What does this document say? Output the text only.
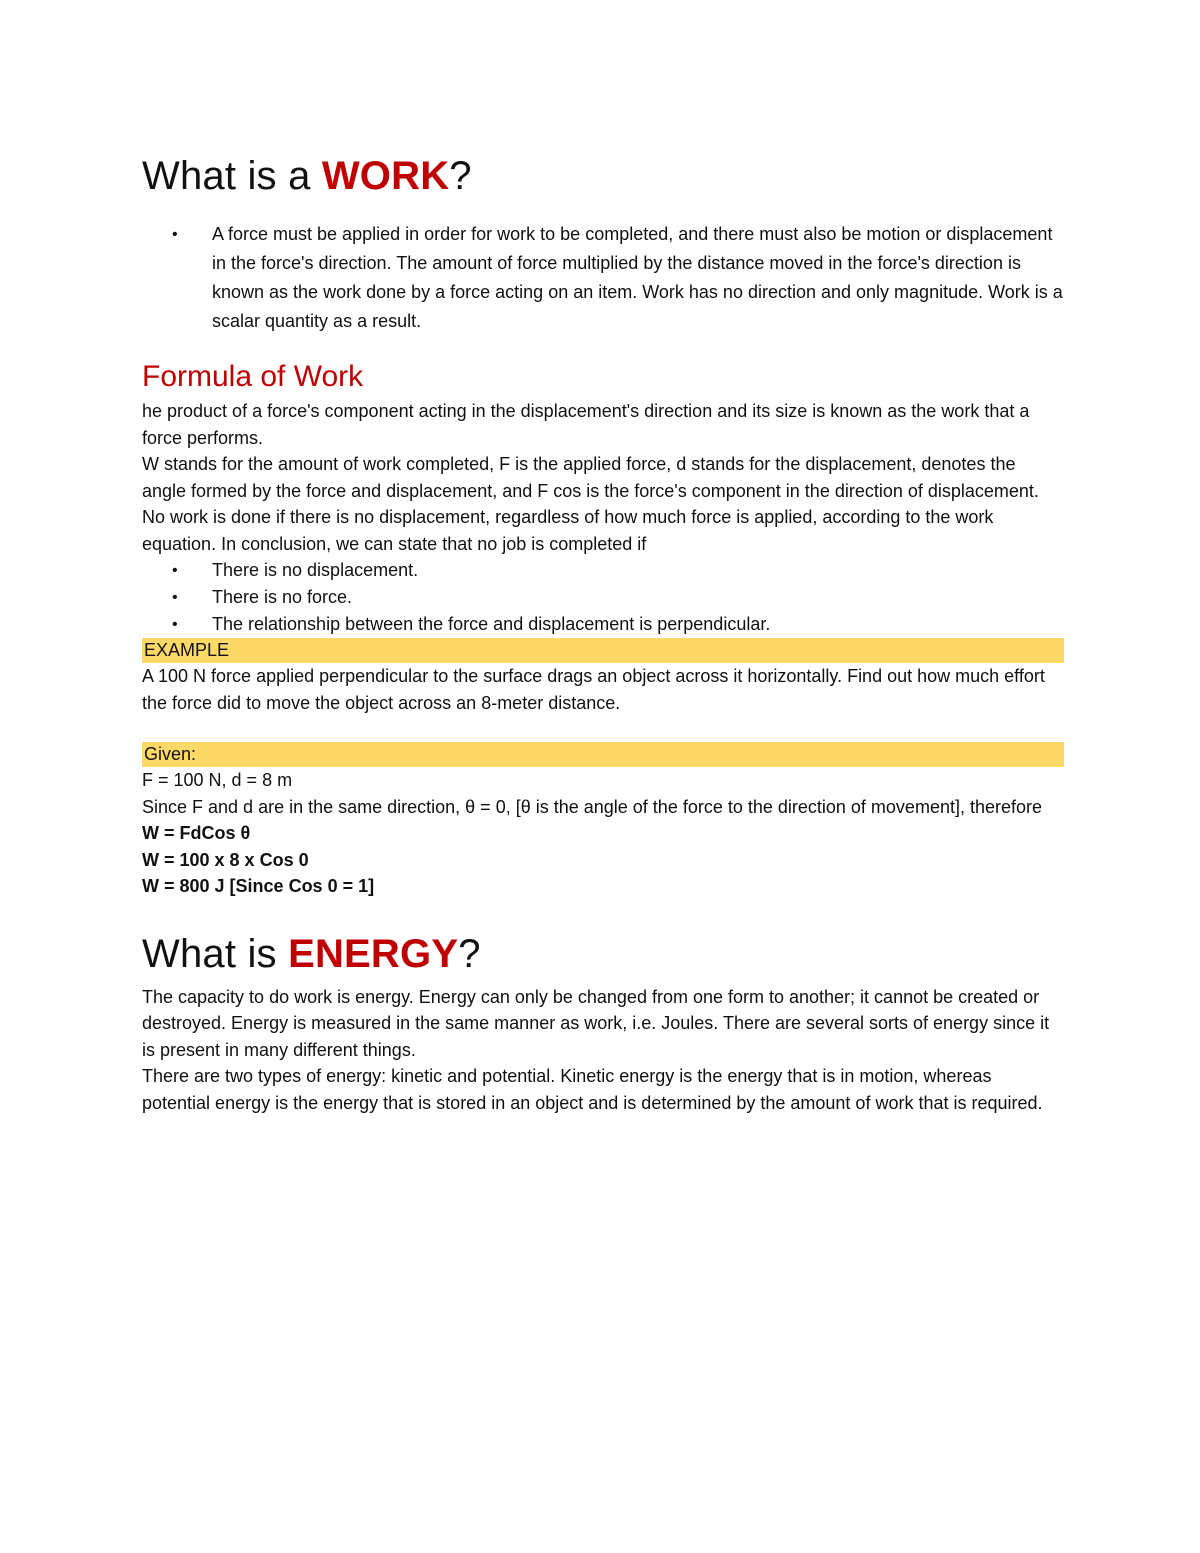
What is a WORK?
• A force must be applied in order for work to be completed, and there must also be motion or displacement in the force's direction. The amount of force multiplied by the distance moved in the force's direction is known as the work done by a force acting on an item. Work has no direction and only magnitude. Work is a scalar quantity as a result.
Formula of Work

he product of a force's component acting in the displacement's direction and its size is known as the work that a force performs.

W stands for the amount of work completed, F is the applied force, d stands for the displacement, denotes the angle formed by the force and displacement, and F cos is the force's component in the direction of displacement.

No work is done if there is no displacement, regardless of how much force is applied, according to the work equation. In conclusion, we can state that no job is completed if

• There is no displacement.
• There is no force.
• The relationship between the force and displacement is perpendicular.

EXAMPLE

A 100 N force applied perpendicular to the surface drags an object across it horizontally. Find out how much effort the force did to move the object across an 8-meter distance.

Given:

F = 100 N, d = 8 m

Since F and d are in the same direction, θ = 0, [θ is the angle of the force to the direction of movement], therefore

W = FdCos θ

W = 100 x 8 x Cos 0

W = 800 J [Since Cos 0 = 1]

What is ENERGY?

The capacity to do work is energy. Energy can only be changed from one form to another; it cannot be created or destroyed. Energy is measured in the same manner as work, i.e. Joules. There are several sorts of energy since it is present in many different things.

There are two types of energy: kinetic and potential. Kinetic energy is the energy that is in motion, whereas potential energy is the energy that is stored in an object and is determined by the amount of work that is required.
